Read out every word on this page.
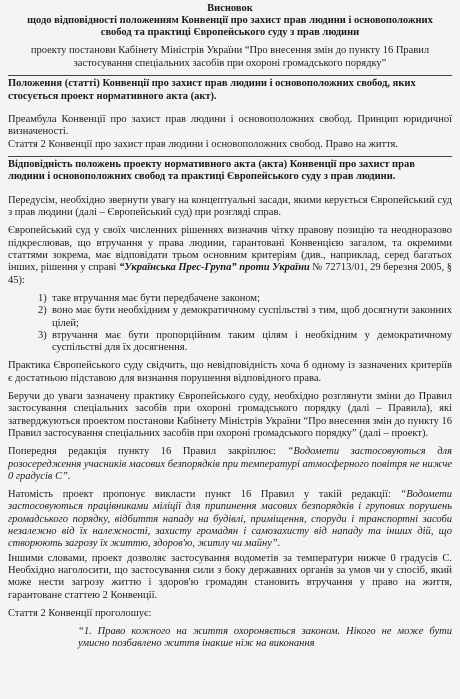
Висновок
щодо відповідності положенням Конвенції про захист прав людини і основоположних
свобод та практиці Європейського суду з прав людини
проекту постанови Кабінету Міністрів України “Про внесення змін до пункту 16 Правил застосування спеціальних засобів при охороні громадського порядку”
Положення (статті) Конвенції про захист прав людини і основоположних свобод, яких стосується проект нормативного акта (акт).

Преамбула Конвенції про захист прав людини і основоположних свобод. Принцип юридичної визначеності.

Стаття 2 Конвенції про захист прав людини і основоположних свобод. Право на життя.

Відповідність положень проекту нормативного акта (акта) Конвенції про захист прав людини і основоположних свобод та практиці Європейського суду з прав людини.

Передусім, необхідно звернути увагу на концептуальні засади, якими керується Європейський суд з прав людини (далі – Європейський суд) при розгляді справ.

Європейський суд у своїх численних рішеннях визначив чітку правову позицію та неодноразово підкреслював, що втручання у права людини, гарантовані Конвенцією загалом, та окремими статтями зокрема, має відповідати трьом основним критеріям (див., наприклад, серед багатьох інших, рішення у справі “Українська Прес-Група” проти України № 72713/01, 29 березня 2005, § 45):

1) таке втручання має бути передбачене законом;
2) воно має бути необхідним у демократичному суспільстві з тим, щоб досягнути законних цілей;
3) втручання має бути пропорційним таким цілям і необхідним у демократичному суспільстві для їх досягнення.

Практика Європейського суду свідчить, що невідповідність хоча б одному із зазначених критеріїв є достатньою підставою для визнання порушення відповідного права.

Беручи до уваги зазначену практику Європейського суду, необхідно розглянути зміни до Правил застосування спеціальних засобів при охороні громадського порядку (далі – Правила), які затверджуються проектом постанови Кабінету Міністрів України “Про внесення змін до пункту 16 Правил застосування спеціальних засобів при охороні громадського порядку” (далі – проект).

Попередня редакція пункту 16 Правил закріплює: “Водомети застосовуються для розосередження учасників масових безпорядків при температурі атмосферного повітря не нижче 0 градусів С”.

Натомість проект пропонує викласти пункт 16 Правил у такій редакції: “Водомети застосовуються працівниками міліції для припинення масових безпорядків і групових порушень громадського порядку, відбиття нападу на будівлі, приміщення, споруди і транспортні засоби незалежно від їх належності, захисту громадян і самозахисту від нападу та інших дій, що створюють загрозу їх життю, здоров'ю, житлу чи майну”.

Іншими словами, проект дозволяє застосування водометів за температури нижче 0 градусів С. Необхідно наголосити, що застосування сили з боку державних органів за умов чи у спосіб, який може нести загрозу життю і здоров'ю громадян становить втручання у право на життя, гарантоване статтею 2 Конвенції.

Стаття 2 Конвенції проголошує:

“1. Право кожного на життя охороняється законом. Нікого не може бути умисно позбавлено життя інакше ніж на виконання
